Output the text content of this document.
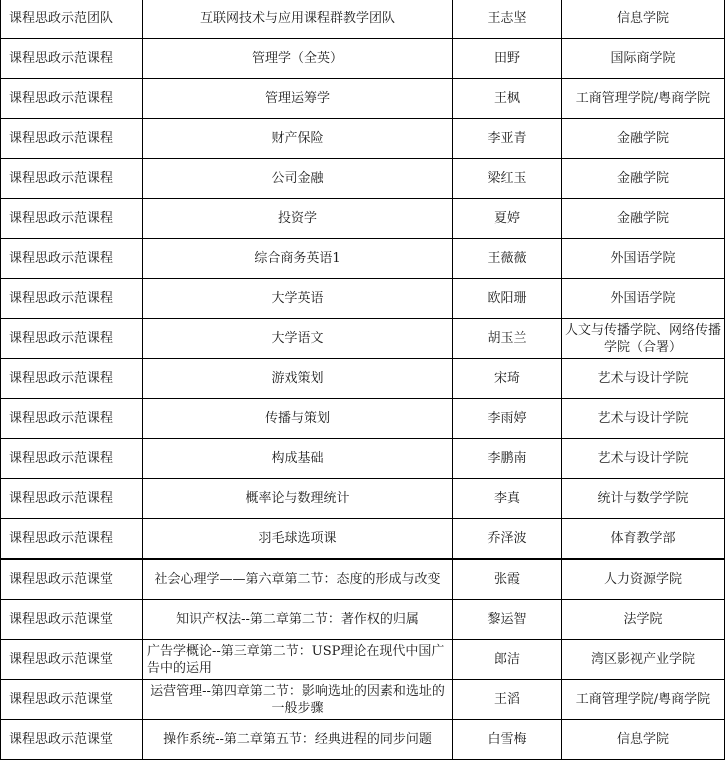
课程思政示范团队	互联网技术与应用课程群教学团队	王志坚	信息学院
课程思政示范课程	管理学（全英）	田野	国际商学院
课程思政示范课程	管理运筹学	王枫	工商管理学院/粤商学院
课程思政示范课程	财产保险	李亚青	金融学院
课程思政示范课程	公司金融	梁红玉	金融学院
课程思政示范课程	投资学	夏婷	金融学院
课程思政示范课程	综合商务英语1	王薇薇	外国语学院
课程思政示范课程	大学英语	欧阳珊	外国语学院
课程思政示范课程	大学语文	胡玉兰	人文与传播学院、网络传播学院（合署）
课程思政示范课程	游戏策划	宋琦	艺术与设计学院
课程思政示范课程	传播与策划	李雨婷	艺术与设计学院
课程思政示范课程	构成基础	李鹏南	艺术与设计学院
课程思政示范课程	概率论与数理统计	李真	统计与数学学院
课程思政示范课程	羽毛球选项课	乔泽波	体育教学部
课程思政示范课堂	社会心理学——第六章第二节：态度的形成与改变	张霞	人力资源学院
课程思政示范课堂	知识产权法--第二章第二节：著作权的归属	黎运智	法学院
课程思政示范课堂	广告学概论--第三章第二节：USP理论在现代中国广告中的运用	郎洁	湾区影视产业学院
课程思政示范课堂	运营管理--第四章第二节：影响选址的因素和选址的一般步骤	王滔	工商管理学院/粤商学院
课程思政示范课堂	操作系统--第二章第五节：经典进程的同步问题	白雪梅	信息学院
